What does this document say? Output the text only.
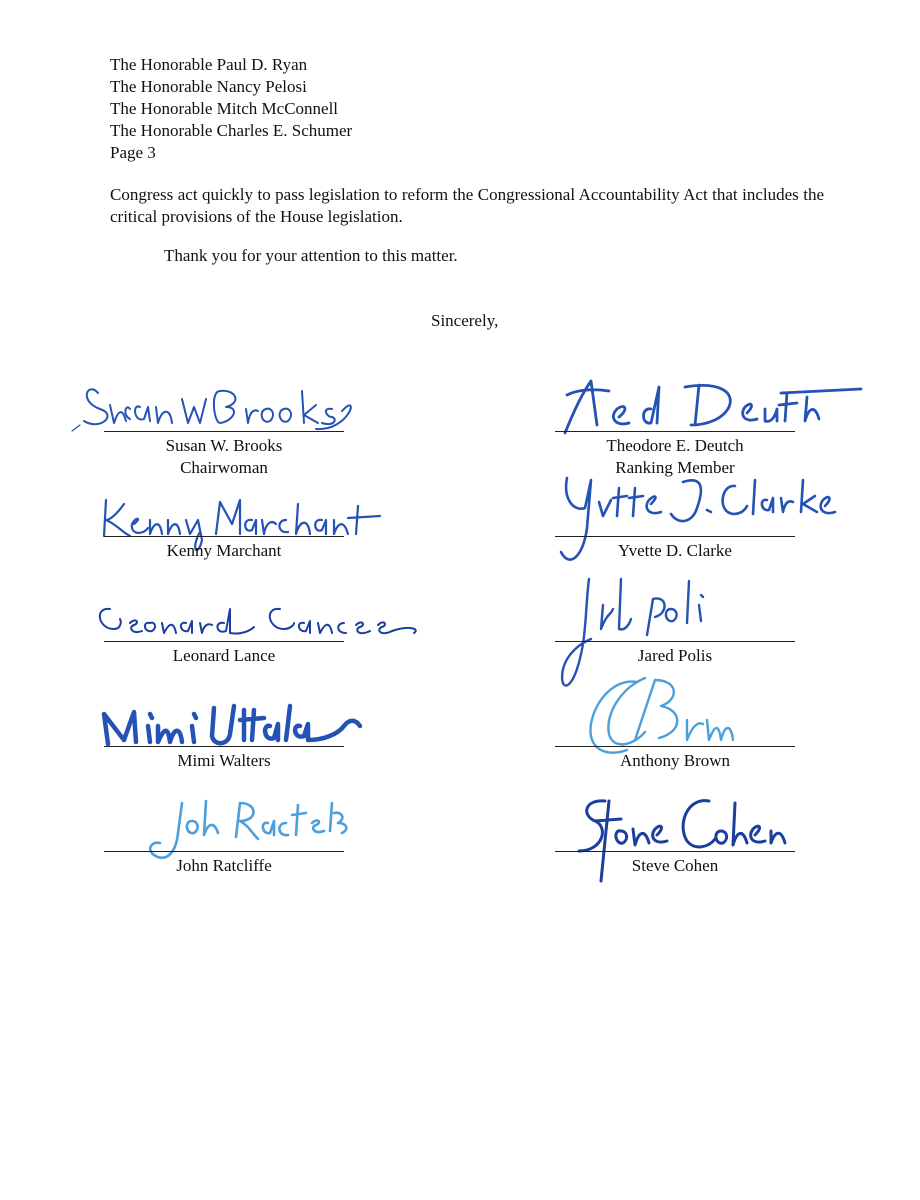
The Honorable Paul D. Ryan
The Honorable Nancy Pelosi
The Honorable Mitch McConnell
The Honorable Charles E. Schumer
Page 3
Congress act quickly to pass legislation to reform the Congressional Accountability Act that includes the critical provisions of the House legislation.
Thank you for your attention to this matter.
Sincerely,
Susan W. Brooks
Chairwoman
Kenny Marchant
Leonard Lance
Mimi Walters
John Ratcliffe
Theodore E. Deutch
Ranking Member
Yvette D. Clarke
Jared Polis
Anthony Brown
Steve Cohen
